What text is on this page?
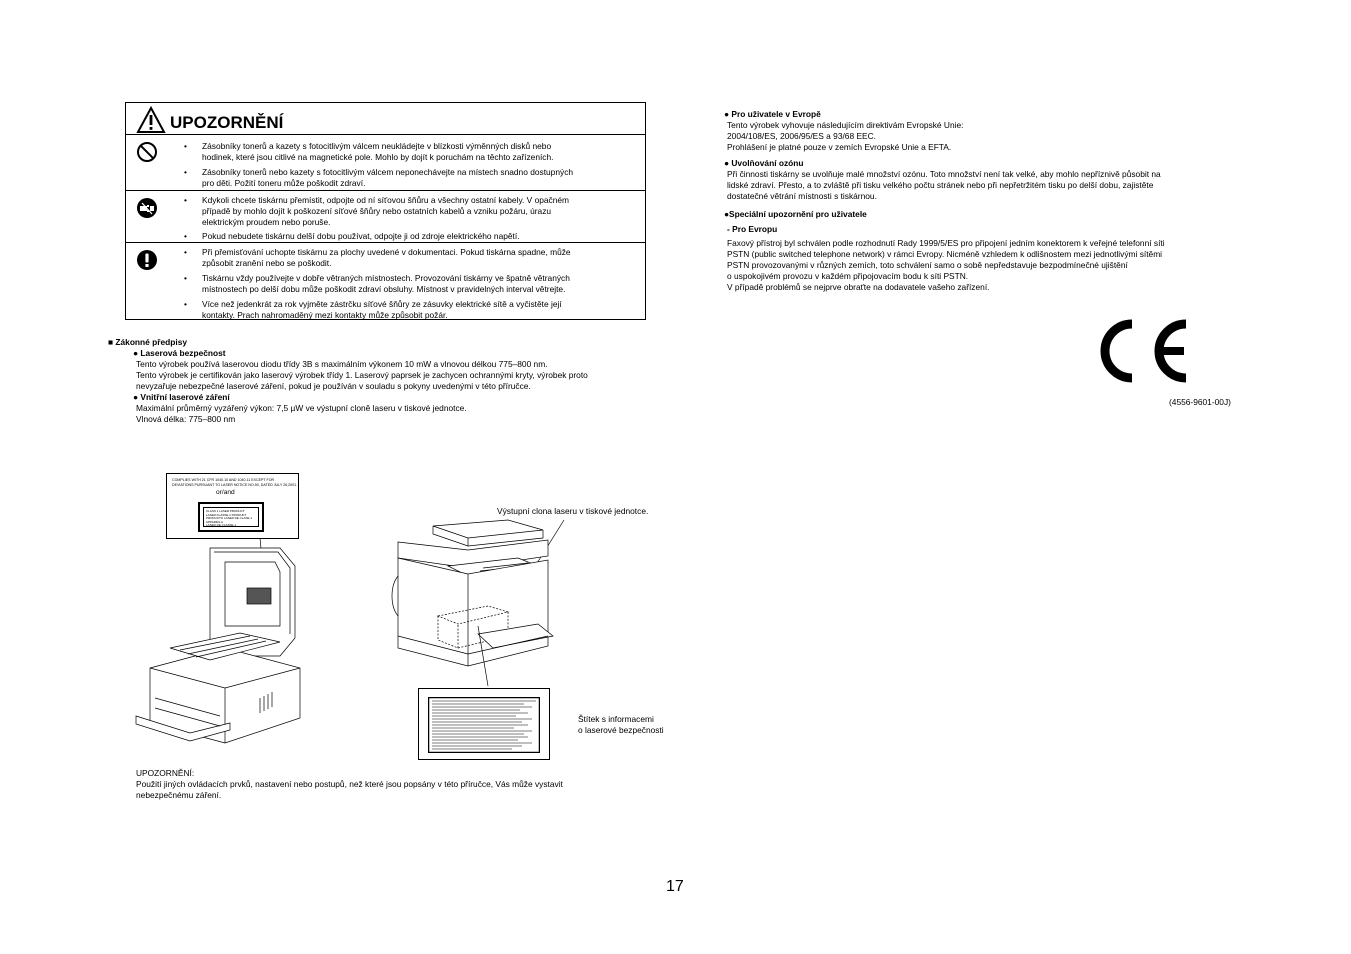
UPOZORNĚNÍ
• Zásobníky tonerů a kazety s fotocitlivým válcem neukládejte v blízkosti výměnných disků nebo
hodinek, které jsou citlivé na magnetické pole. Mohlo by dojít k poruchám na těchto zařízeních.
• Zásobníky tonerů nebo kazety s fotocitlivým válcem neponechávejte na místech snadno dostupných
pro děti. Požití toneru může poškodit zdraví.
• Kdykoli chcete tiskárnu přemístit, odpojte od ní síťovou šňůru a všechny ostatní kabely. V opačném
případě by mohlo dojít k poškození síťové šňůry nebo ostatních kabelů a vzniku požáru, úrazu
elektrickým proudem nebo poruše.
• Pokud nebudete tiskárnu delší dobu používat, odpojte ji od zdroje elektrického napětí.
• Při přemisťování uchopte tiskárnu za plochy uvedené v dokumentaci. Pokud tiskárna spadne, může
způsobit zranění nebo se poškodit.
• Tiskárnu vždy používejte v dobře větraných místnostech. Provozování tiskárny ve špatně větraných
místnostech po delší dobu může poškodit zdraví obsluhy. Místnost v pravidelných interval větrejte.
• Více než jedenkrát za rok vyjměte zástrčku síťové šňůry ze zásuvky elektrické sítě a vyčistěte její
kontakty. Prach nahromaděný mezi kontakty může způsobit požár.
■ Zákonné předpisy
● Laserová bezpečnost
Tento výrobek používá laserovou diodu třídy 3B s maximálním výkonem 10 mW a vlnovou délkou 775–800 nm.
Tento výrobek je certifikován jako laserový výrobek třídy 1. Laserový paprsek je zachycen ochrannými kryty, výrobek proto
nevyzařuje nebezpečné laserové záření, pokud je používán v souladu s pokyny uvedenými v této příručce.
● Vnitřní laserové záření
Maximální průměrný vyzářený výkon: 7,5 µW ve výstupní cloně laseru v tiskové jednotce.
Vlnová délka: 775–800 nm
COMPLIES WITH 21 CFR 1040.10 AND 1040.11 EXCEPT FOR
DEVIATIONS PURSUANT TO LASER NOTICE NO.50, DATED JULY 26,2001.
or/and
CLASS 1 LASER PRODUCT
LASER KLASSE 1 PRODUKT
PRODUCTO LASER DE CLASE 1
APPAREIL A
LASER DE CLASSE 1
Výstupní clona laseru v tiskové jednotce.
Štítek s informacemi
o laserové bezpečnosti
UPOZORNĚNÍ:
Použití jiných ovládacích prvků, nastavení nebo postupů, než které jsou popsány v této příručce, Vás může vystavit
nebezpečnému záření.
● Pro uživatele v Evropě
Tento výrobek vyhovuje následujícím direktivám Evropské Unie:
2004/108/ES, 2006/95/ES a 93/68 EEC.
Prohlášení je platné pouze v zemích Evropské Unie a EFTA.
● Uvolňování ozónu
Při činnosti tiskárny se uvolňuje malé množství ozónu. Toto množství není tak velké, aby mohlo nepříznivě působit na
lidské zdraví. Přesto, a to zvláště při tisku velkého počtu stránek nebo při nepřetržitém tisku po delší dobu, zajistěte
dostatečné větrání místnosti s tiskárnou.
●Speciální upozornění pro uživatele
- Pro Evropu
Faxový přístroj byl schválen podle rozhodnutí Rady 1999/5/ES pro připojení jedním konektorem k veřejné telefonní síti
PSTN (public switched telephone network) v rámci Evropy. Nicméně vzhledem k odlišnostem mezi jednotlivými sítěmi
PSTN provozovanými v různých zemích, toto schválení samo o sobě nepředstavuje bezpodmínečné ujištění
o uspokojivém provozu v každém připojovacím bodu k síti PSTN.
V případě problémů se nejprve obraťte na dodavatele vašeho zařízení.
(4556-9601-00J)
17
